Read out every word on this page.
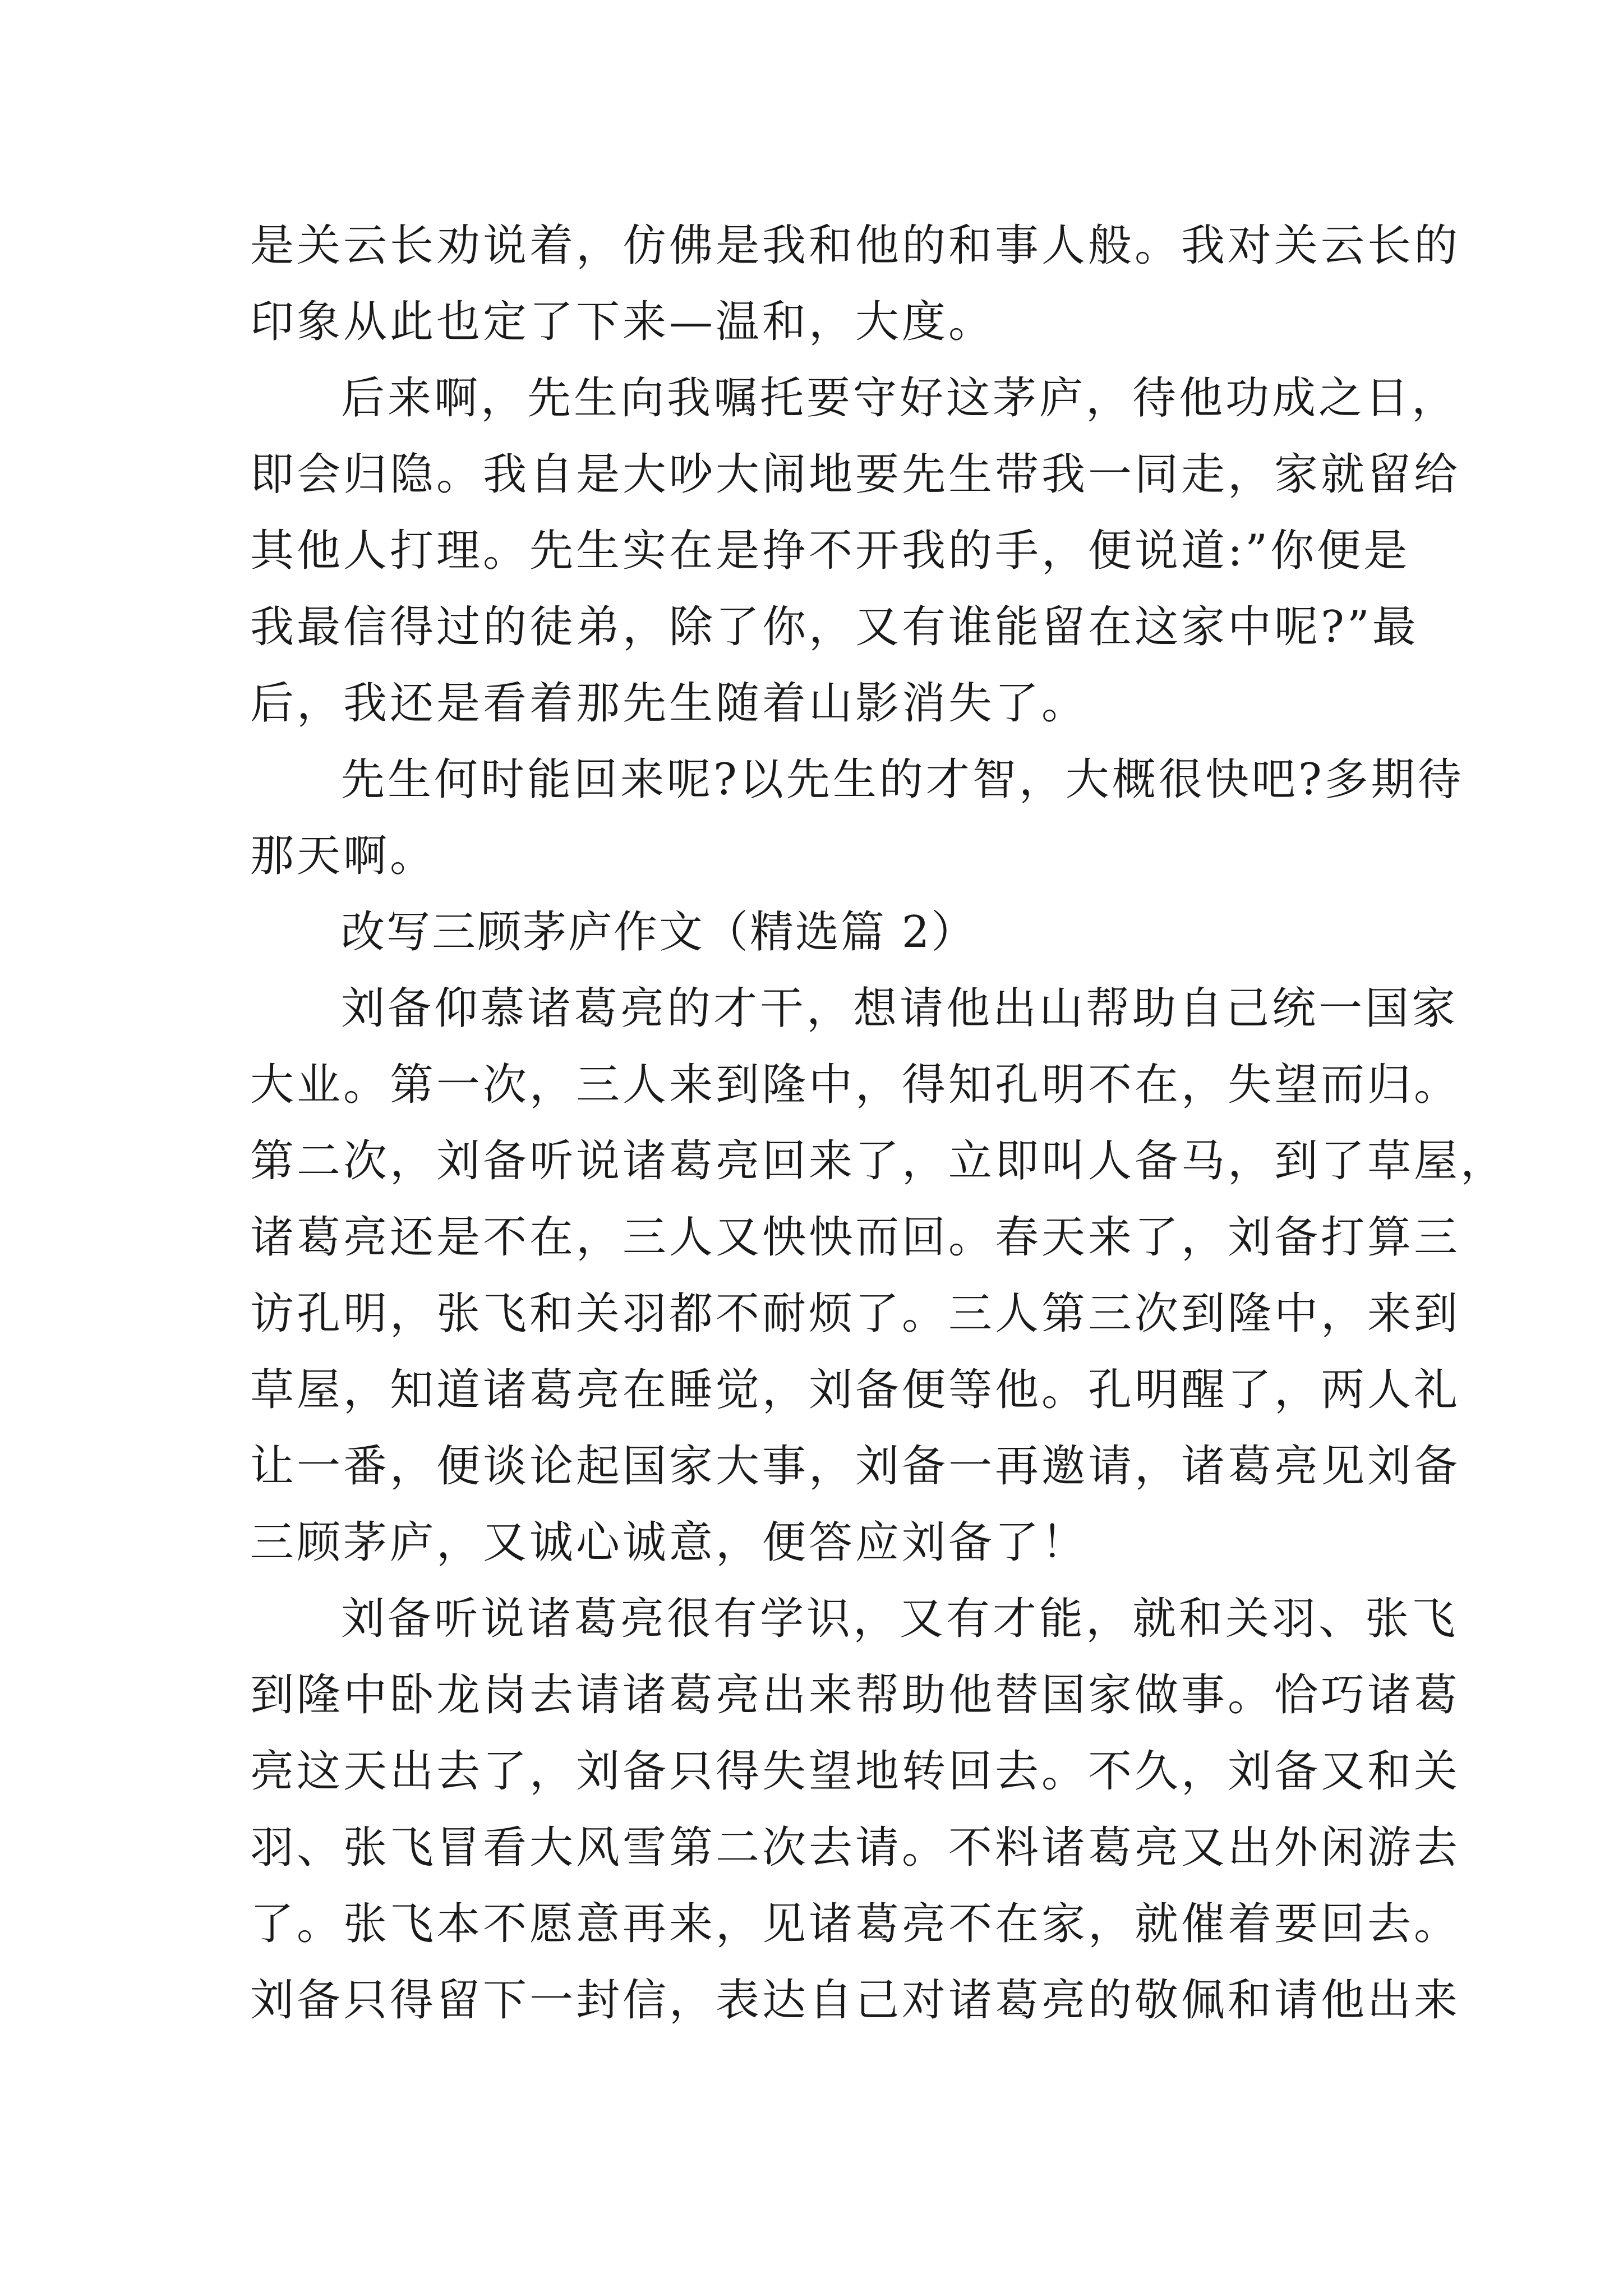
是关云长劝说着，仿佛是我和他的和事人般。我对关云长的
印象从此也定了下来—温和，大度。
后来啊，先生向我嘱托要守好这茅庐，待他功成之日，
即会归隐。我自是大吵大闹地要先生带我一同走，家就留给
其他人打理。先生实在是挣不开我的手，便说道:”你便是
我最信得过的徒弟，除了你，又有谁能留在这家中呢?”最
后，我还是看着那先生随着山影消失了。
先生何时能回来呢?以先生的才智，大概很快吧?多期待
那天啊。
改写三顾茅庐作文（精选篇 2）
刘备仰慕诸葛亮的才干，想请他出山帮助自己统一国家
大业。第一次，三人来到隆中，得知孔明不在，失望而归。
第二次，刘备听说诸葛亮回来了，立即叫人备马，到了草屋，
诸葛亮还是不在，三人又怏怏而回。春天来了，刘备打算三
访孔明，张飞和关羽都不耐烦了。三人第三次到隆中，来到
草屋，知道诸葛亮在睡觉，刘备便等他。孔明醒了，两人礼
让一番，便谈论起国家大事，刘备一再邀请，诸葛亮见刘备
三顾茅庐，又诚心诚意，便答应刘备了！
刘备听说诸葛亮很有学识，又有才能，就和关羽、张飞
到隆中卧龙岗去请诸葛亮出来帮助他替国家做事。恰巧诸葛
亮这天出去了，刘备只得失望地转回去。不久，刘备又和关
羽、张飞冒看大风雪第二次去请。不料诸葛亮又出外闲游去
了。张飞本不愿意再来，见诸葛亮不在家，就催着要回去。
刘备只得留下一封信，表达自己对诸葛亮的敬佩和请他出来
